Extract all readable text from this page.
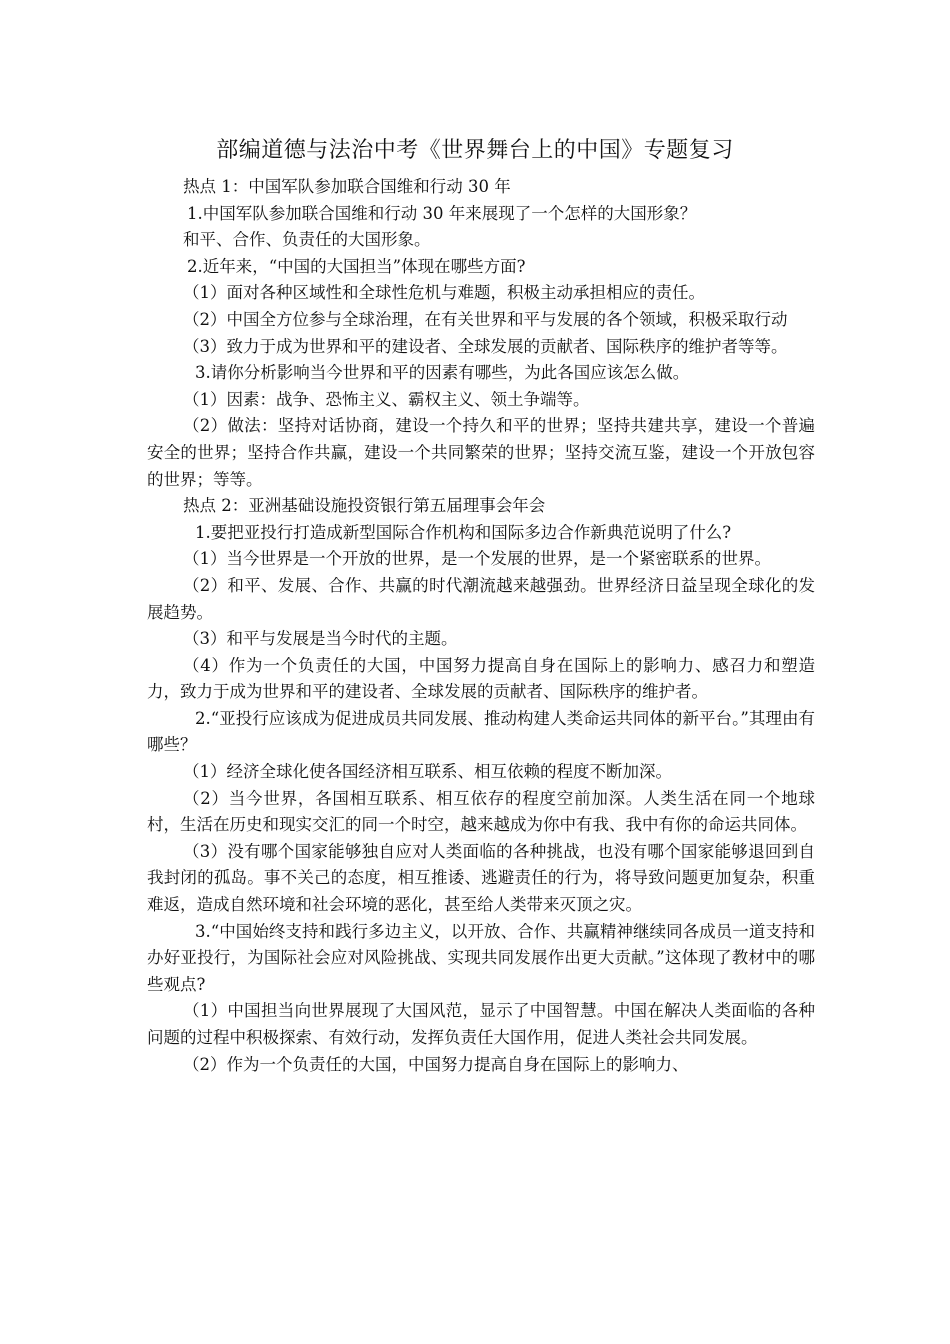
部编道德与法治中考《世界舞台上的中国》专题复习

热点 1：中国军队参加联合国维和行动 30 年

1.中国军队参加联合国维和行动 30 年来展现了一个怎样的大国形象？

和平、合作、负责任的大国形象。

2.近年来，“中国的大国担当”体现在哪些方面?

（1）面对各种区域性和全球性危机与难题，积极主动承担相应的责任。

（2）中国全方位参与全球治理，在有关世界和平与发展的各个领域，积极采取行动

（3）致力于成为世界和平的建设者、全球发展的贡献者、国际秩序的维护者等等。

3.请你分析影响当今世界和平的因素有哪些，为此各国应该怎么做。

（1）因素：战争、恐怖主义、霸权主义、领土争端等。

（2）做法：坚持对话协商，建设一个持久和平的世界；坚持共建共享，建设一个普遍安全的世界；坚持合作共赢，建设一个共同繁荣的世界；坚持交流互鉴，建设一个开放包容的世界；等等。

热点 2：亚洲基础设施投资银行第五届理事会年会

1.要把亚投行打造成新型国际合作机构和国际多边合作新典范说明了什么?

（1）当今世界是一个开放的世界，是一个发展的世界，是一个紧密联系的世界。

（2）和平、发展、合作、共赢的时代潮流越来越强劲。世界经济日益呈现全球化的发展趋势。

（3）和平与发展是当今时代的主题。

（4）作为一个负责任的大国，中国努力提高自身在国际上的影响力、感召力和塑造力，致力于成为世界和平的建设者、全球发展的贡献者、国际秩序的维护者。

2.“亚投行应该成为促进成员共同发展、推动构建人类命运共同体的新平台。”其理由有哪些？

（1）经济全球化使各国经济相互联系、相互依赖的程度不断加深。

（2）当今世界，各国相互联系、相互依存的程度空前加深。人类生活在同一个地球村，生活在历史和现实交汇的同一个时空，越来越成为你中有我、我中有你的命运共同体。

（3）没有哪个国家能够独自应对人类面临的各种挑战，也没有哪个国家能够退回到自我封闭的孤岛。事不关己的态度，相互推诿、逃避责任的行为，将导致问题更加复杂，积重难返，造成自然环境和社会环境的恶化，甚至给人类带来灭顶之灾。

3.“中国始终支持和践行多边主义，以开放、合作、共赢精神继续同各成员一道支持和办好亚投行，为国际社会应对风险挑战、实现共同发展作出更大贡献。”这体现了教材中的哪些观点?

（1）中国担当向世界展现了大国风范，显示了中国智慧。中国在解决人类面临的各种问题的过程中积极探索、有效行动，发挥负责任大国作用，促进人类社会共同发展。

（2）作为一个负责任的大国，中国努力提高自身在国际上的影响力、
